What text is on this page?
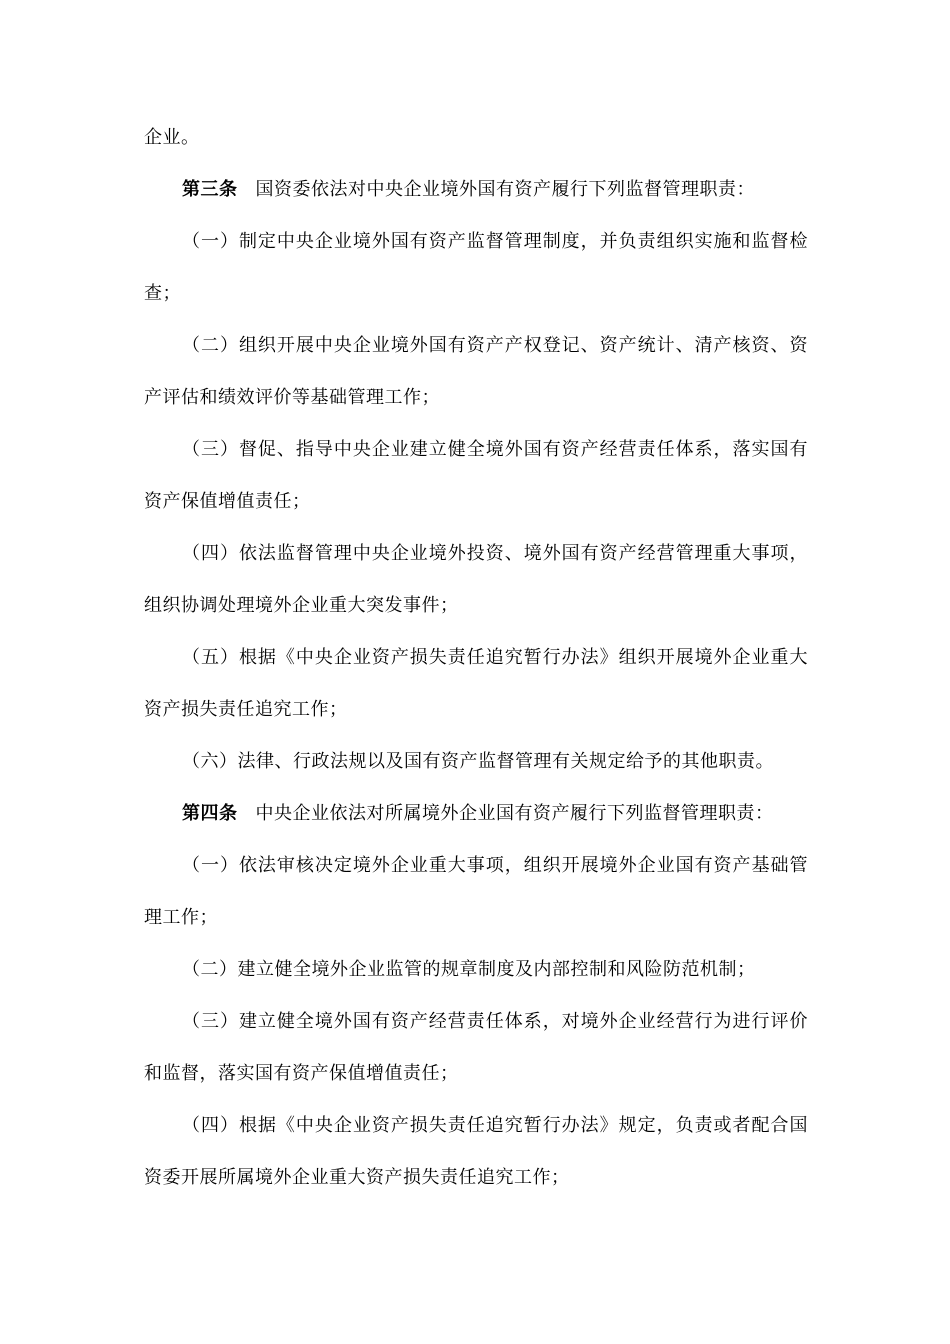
企业。

第三条 国资委依法对中央企业境外国有资产履行下列监督管理职责：

（一）制定中央企业境外国有资产监督管理制度，并负责组织实施和监督检查；

（二）组织开展中央企业境外国有资产产权登记、资产统计、清产核资、资产评估和绩效评价等基础管理工作；

（三）督促、指导中央企业建立健全境外国有资产经营责任体系，落实国有资产保值增值责任；

（四）依法监督管理中央企业境外投资、境外国有资产经营管理重大事项，组织协调处理境外企业重大突发事件；

（五）根据《中央企业资产损失责任追究暂行办法》组织开展境外企业重大资产损失责任追究工作；

（六）法律、行政法规以及国有资产监督管理有关规定给予的其他职责。

第四条 中央企业依法对所属境外企业国有资产履行下列监督管理职责：

（一）依法审核决定境外企业重大事项，组织开展境外企业国有资产基础管理工作；

（二）建立健全境外企业监管的规章制度及内部控制和风险防范机制；

（三）建立健全境外国有资产经营责任体系，对境外企业经营行为进行评价和监督，落实国有资产保值增值责任；

（四）根据《中央企业资产损失责任追究暂行办法》规定，负责或者配合国资委开展所属境外企业重大资产损失责任追究工作；
